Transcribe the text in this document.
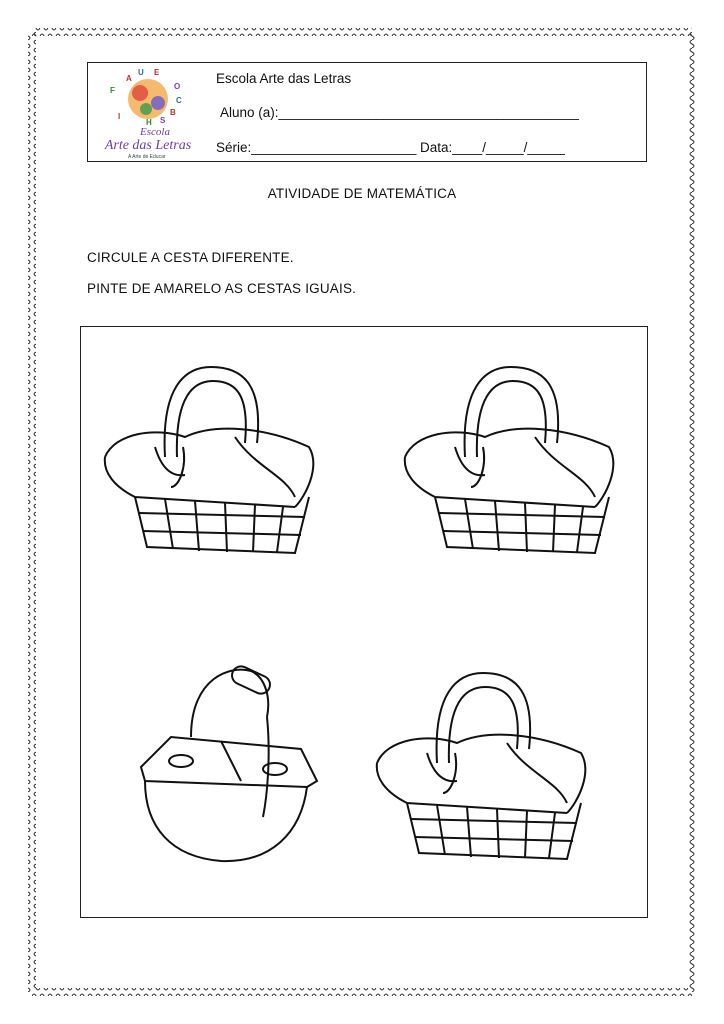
A
U E
F	O
C
I
H S
B
Escola
Arte das Letras
A Arte de Educar
Escola Arte das Letras
Aluno (a):________________________________________
Série:______________________ Data:____/_____/_____
ATIVIDADE DE MATEMÁTICA
CIRCULE A CESTA DIFERENTE.
PINTE DE AMARELO AS CESTAS IGUAIS.
